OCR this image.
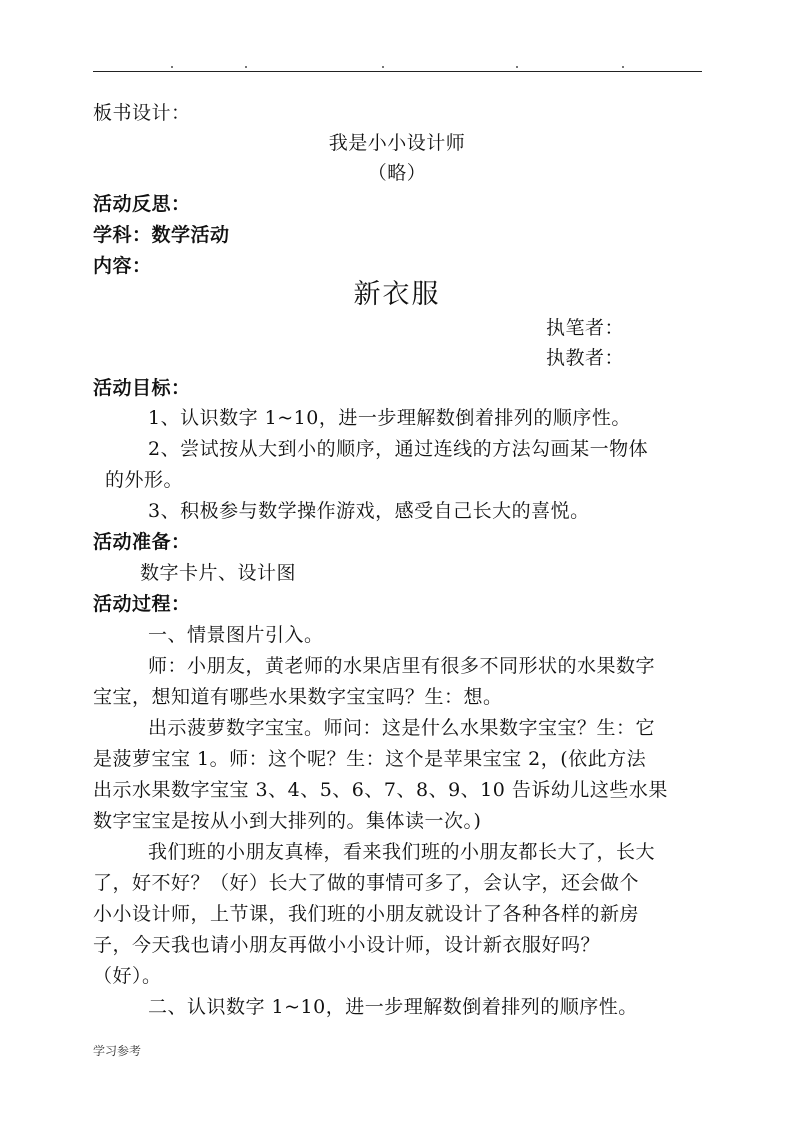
板书设计：
我是小小设计师
（略）
活动反思：
学科：数学活动
内容：
新衣服
执笔者：
执教者：
活动目标：
1、认识数字 1~10，进一步理解数倒着排列的顺序性。
2、尝试按从大到小的顺序，通过连线的方法勾画某一物体
的外形。
3、积极参与数学操作游戏，感受自己长大的喜悦。
活动准备：
数字卡片、设计图
活动过程：
一、情景图片引入。
师：小朋友，黄老师的水果店里有很多不同形状的水果数字
宝宝，想知道有哪些水果数字宝宝吗？生：想。
出示菠萝数字宝宝。师问：这是什么水果数字宝宝？生：它
是菠萝宝宝 1。师：这个呢？生：这个是苹果宝宝 2，(依此方法
出示水果数字宝宝 3、4、5、6、7、8、9、10 告诉幼儿这些水果
数字宝宝是按从小到大排列的。集体读一次。)
我们班的小朋友真棒，看来我们班的小朋友都长大了，长大
了，好不好？（好）长大了做的事情可多了，会认字，还会做个
小小设计师，上节课，我们班的小朋友就设计了各种各样的新房
子，今天我也请小朋友再做小小设计师，设计新衣服好吗？
（好）。
二、认识数字 1~10，进一步理解数倒着排列的顺序性。
学习参考
